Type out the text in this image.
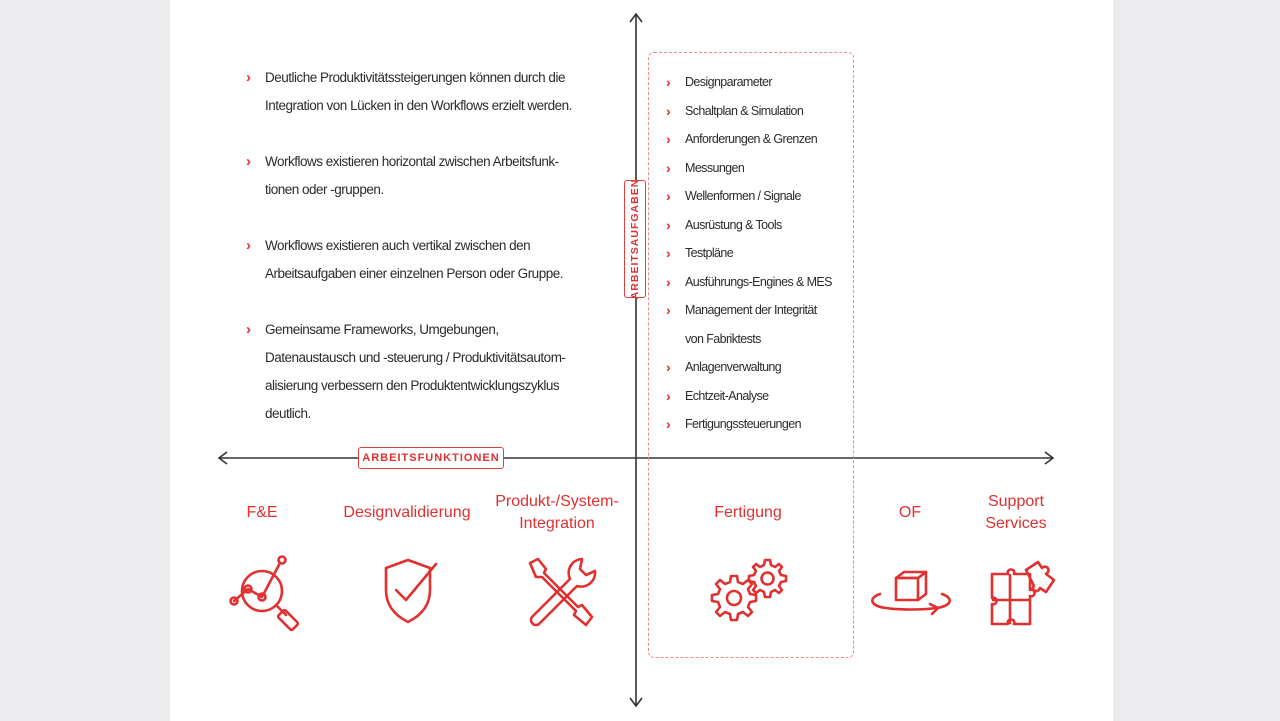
› Deutliche Produktivitätssteigerungen können durch die
Integration von Lücken in den Workflows erzielt werden.
› Workflows existieren horizontal zwischen Arbeitsfunk-
tionen oder -gruppen.
› Workflows existieren auch vertikal zwischen den
Arbeitsaufgaben einer einzelnen Person oder Gruppe.
› Gemeinsame Frameworks, Umgebungen,
Datenaustausch und -steuerung / Produktivitätsautom-
alisierung verbessern den Produktentwicklungszyklus
deutlich.
› Designparameter
› Schaltplan & Simulation
› Anforderungen & Grenzen
› Messungen
› Wellenformen / Signale
› Ausrüstung & Tools
› Testpläne
› Ausführungs-Engines & MES
› Management der Integrität
von Fabriktests
› Anlagenverwaltung
› Echtzeit-Analyse
› Fertigungssteuerungen
ARBEITSFUNKTIONEN
ARBEITSAUFGABEN
F&E	Designvalidierung
Produkt-/System-
Integration
Fertigung	OF
Support
Services
